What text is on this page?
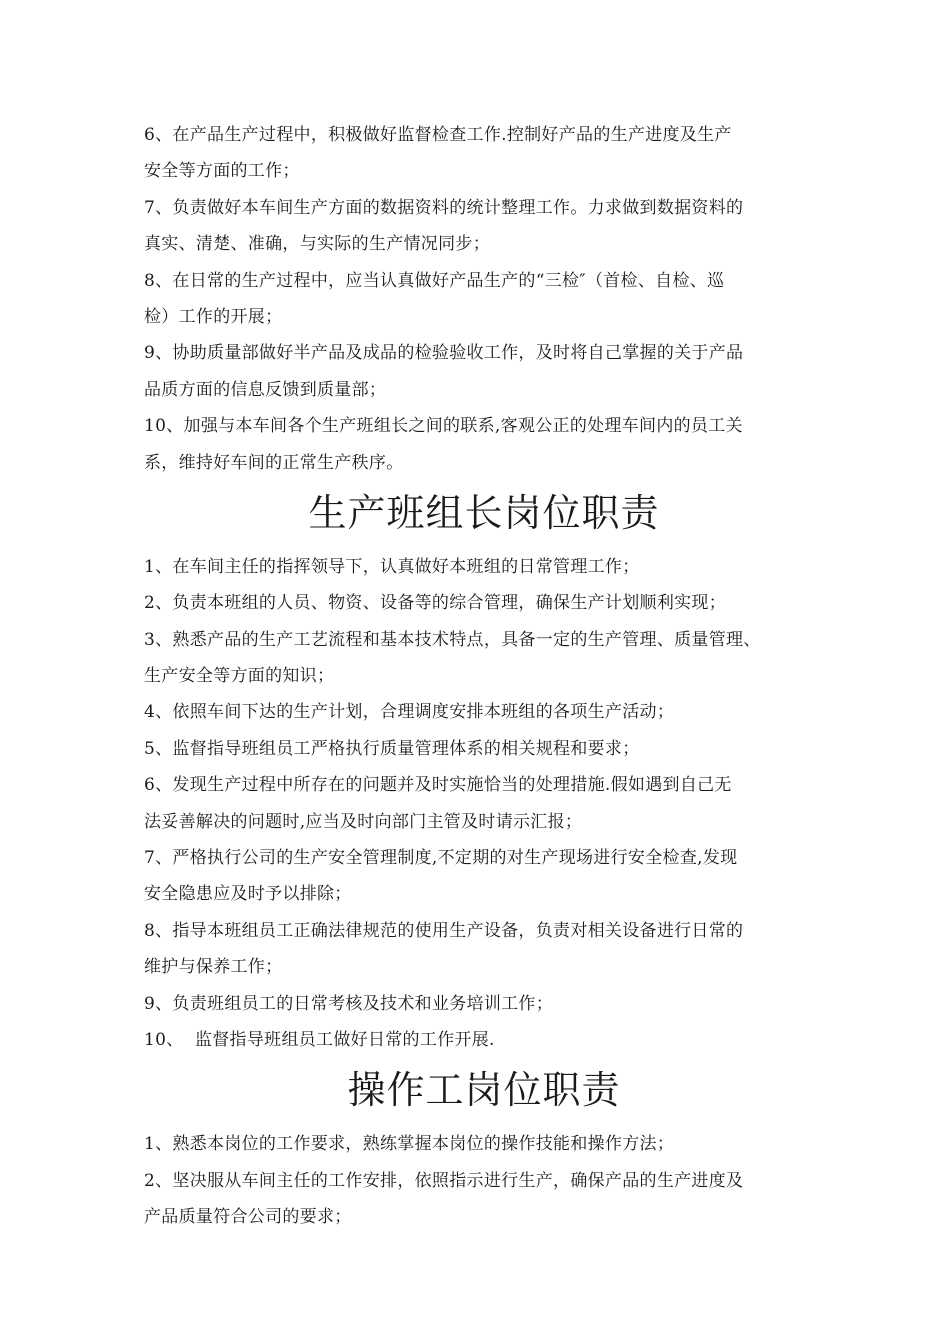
6、在产品生产过程中，积极做好监督检查工作.控制好产品的生产进度及生产
安全等方面的工作；
7、负责做好本车间生产方面的数据资料的统计整理工作。力求做到数据资料的
真实、清楚、准确，与实际的生产情况同步；
8、在日常的生产过程中，应当认真做好产品生产的“三检″（首检、自检、巡
检）工作的开展；
9、协助质量部做好半产品及成品的检验验收工作，及时将自己掌握的关于产品
品质方面的信息反馈到质量部；
10、加强与本车间各个生产班组长之间的联系,客观公正的处理车间内的员工关
系，维持好车间的正常生产秩序。
生产班组长岗位职责
1、在车间主任的指挥领导下，认真做好本班组的日常管理工作；
2、负责本班组的人员、物资、设备等的综合管理，确保生产计划顺利实现；
3、熟悉产品的生产工艺流程和基本技术特点，具备一定的生产管理、质量管理、
生产安全等方面的知识；
4、依照车间下达的生产计划，合理调度安排本班组的各项生产活动；
5、监督指导班组员工严格执行质量管理体系的相关规程和要求；
6、发现生产过程中所存在的问题并及时实施恰当的处理措施.假如遇到自己无
法妥善解决的问题时,应当及时向部门主管及时请示汇报；
7、严格执行公司的生产安全管理制度,不定期的对生产现场进行安全检查,发现
安全隐患应及时予以排除；
8、指导本班组员工正确法律规范的使用生产设备，负责对相关设备进行日常的
维护与保养工作；
9、负责班组员工的日常考核及技术和业务培训工作；
10、  监督指导班组员工做好日常的工作开展.
操作工岗位职责
1、熟悉本岗位的工作要求，熟练掌握本岗位的操作技能和操作方法；
2、坚决服从车间主任的工作安排，依照指示进行生产，确保产品的生产进度及
产品质量符合公司的要求；
